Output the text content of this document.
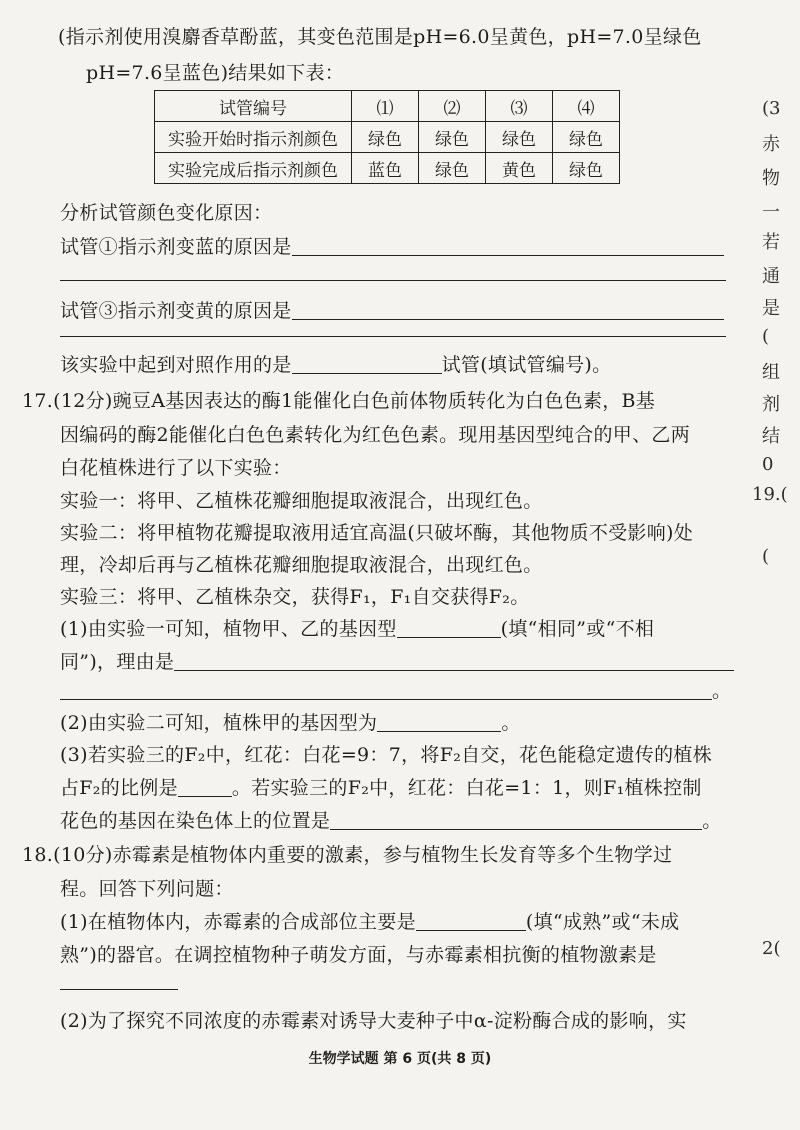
(指示剂使用溴麝香草酚蓝，其变色范围是pH=6.0呈黄色，pH=7.0呈绿色
pH=7.6呈蓝色)结果如下表：
试管编号	⑴	⑵	⑶	⑷
实验开始时指示剂颜色	绿色	绿色	绿色	绿色
实验完成后指示剂颜色	蓝色	绿色	黄色	绿色
分析试管颜色变化原因：
试管①指示剂变蓝的原因是
试管③指示剂变黄的原因是
该实验中起到对照作用的是	试管(填试管编号)。
17.(12分)豌豆A基因表达的酶1能催化白色前体物质转化为白色色素，B基
因编码的酶2能催化白色色素转化为红色色素。现用基因型纯合的甲、乙两
白花植株进行了以下实验：
实验一：将甲、乙植株花瓣细胞提取液混合，出现红色。
实验二：将甲植物花瓣提取液用适宜高温(只破坏酶，其他物质不受影响)处
理，冷却后再与乙植株花瓣细胞提取液混合，出现红色。
实验三：将甲、乙植株杂交，获得F₁，F₁自交获得F₂。
(1)由实验一可知，植物甲、乙的基因型	(填“相同”或“不相
同”)，理由是
。
(2)由实验二可知，植株甲的基因型为	。
(3)若实验三的F₂中，红花：白花=9：7，将F₂自交，花色能稳定遗传的植株
占F₂的比例是	。若实验三的F₂中，红花：白花=1：1，则F₁植株控制
花色的基因在染色体上的位置是	。
18.(10分)赤霉素是植物体内重要的激素，参与植物生长发育等多个生物学过
程。回答下列问题：
(1)在植物体内，赤霉素的合成部位主要是	(填“成熟”或“未成
熟”)的器官。在调控植物种子萌发方面，与赤霉素相抗衡的植物激素是
(2)为了探究不同浓度的赤霉素对诱导大麦种子中α-淀粉酶合成的影响，实
(3
赤
物
一
若
通
是
(
组
剂
结
0
19.(
(
2(
生物学试题 第 6 页(共 8 页)
